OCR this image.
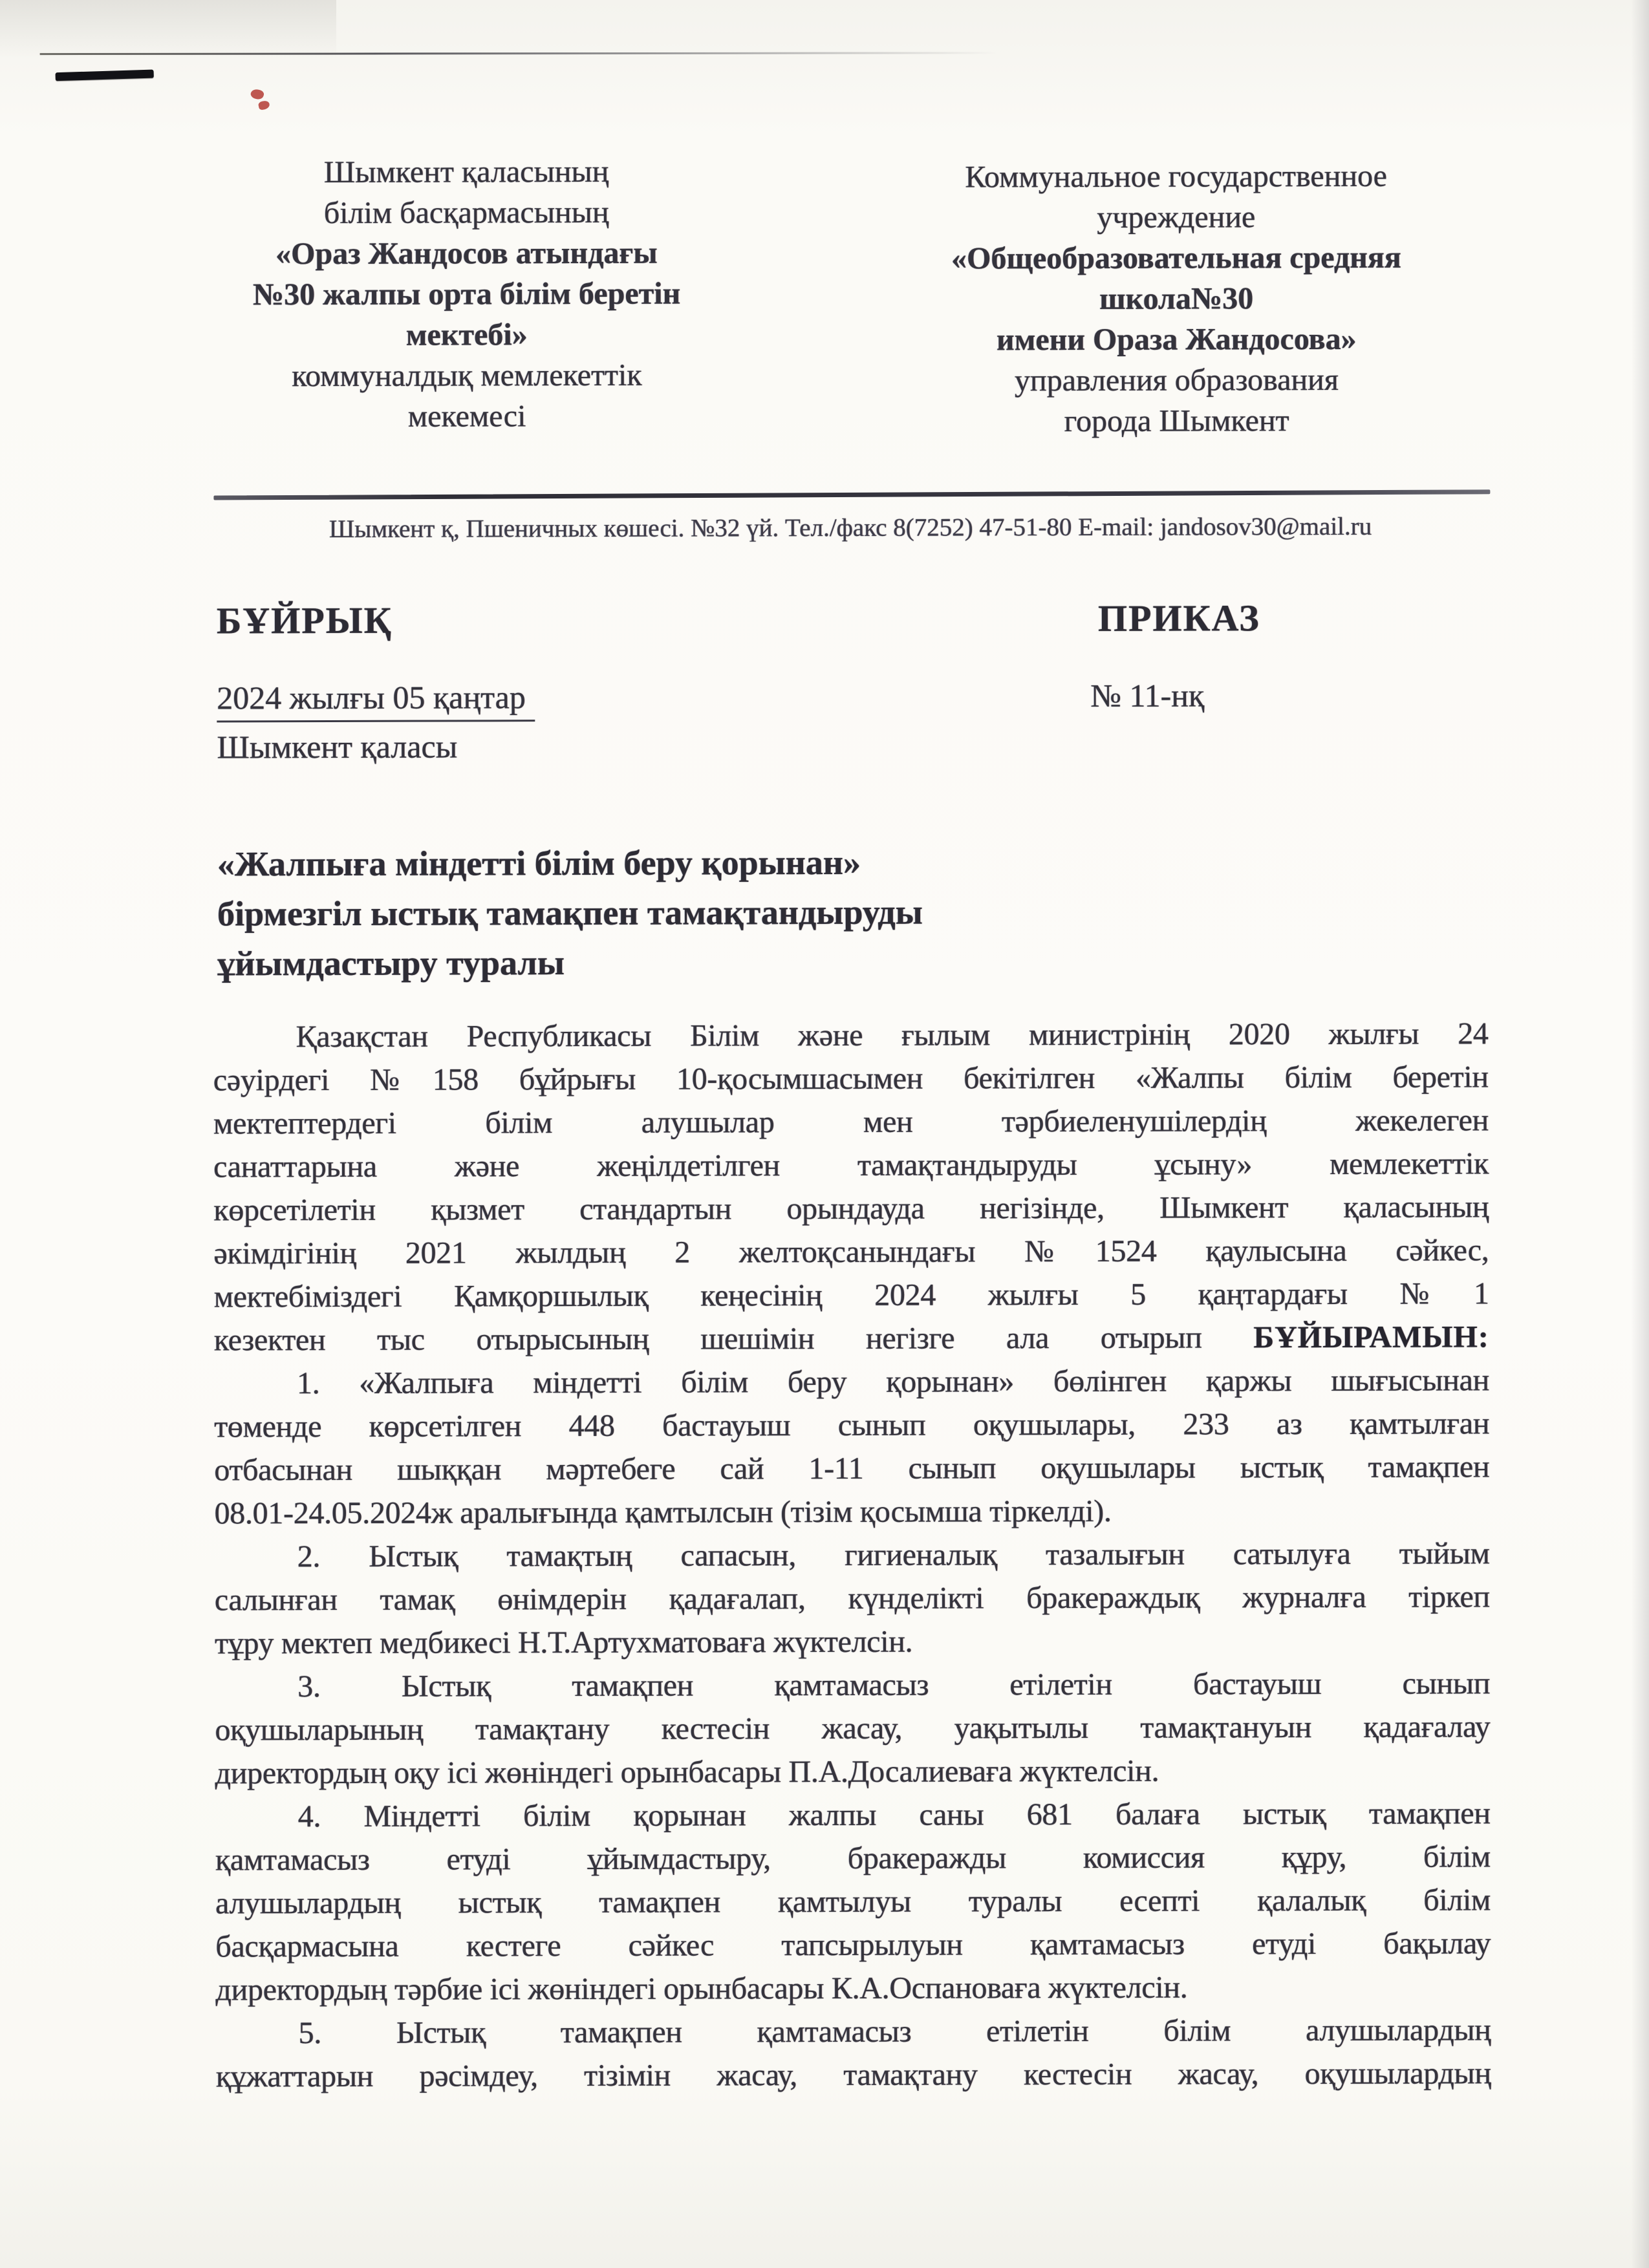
Шымкент қаласының
білім басқармасының
«Ораз Жандосов атындағы
№30 жалпы орта білім беретін
мектебі»
коммуналдық мемлекеттік
мекемесі
Коммунальное государственное
учреждение
«Общеобразовательная средняя
школа№30
имени Ораза Жандосова»
управления образования
города Шымкент
Шымкент қ, Пшеничных көшесі. №32 үй. Тел./факс 8(7252) 47-51-80 E-mail: jandosov30@mail.ru
БҰЙРЫҚ	ПРИКАЗ
2024 жылғы 05 қаңтар	№ 11-нқ
Шымкент қаласы
«Жалпыға міндетті білім беру қорынан»
бірмезгіл ыстық тамақпен тамақтандыруды
ұйымдастыру туралы
Қазақстан Республикасы Білім және ғылым министрінің 2020 жылғы 24
сәуірдегі №158 бұйрығы 10-қосымшасымен бекітілген «Жалпы білім беретін
мектептердегі білім алушылар мен тәрбиеленушілердің жекелеген
санаттарына және жеңілдетілген тамақтандыруды ұсыну» мемлекеттік
көрсетілетін қызмет стандартын орындауда негізінде, Шымкент қаласының
әкімдігінің 2021 жылдың 2 желтоқсанындағы №1524 қаулысына сәйкес,
мектебіміздегі Қамқоршылық кеңесінің 2024 жылғы 5 қаңтардағы №1
кезектен тыс отырысының шешімін негізге ала отырып БҰЙЫРАМЫН:
1. «Жалпыға міндетті білім беру қорынан» бөлінген қаржы шығысынан
төменде көрсетілген 448 бастауыш сынып оқушылары, 233 аз қамтылған
отбасынан шыққан мәртебеге сай 1-11 сынып оқушылары ыстық тамақпен
08.01-24.05.2024ж аралығында қамтылсын (тізім қосымша тіркелді).
2. Ыстық тамақтың сапасын, гигиеналық тазалығын сатылуға тыйым
салынған тамақ өнімдерін қадағалап, күнделікті бракераждық журналға тіркеп
тұру мектеп медбикесі Н.Т.Артухматоваға жүктелсін.
3. Ыстық тамақпен қамтамасыз етілетін бастауыш сынып
оқушыларының тамақтану кестесін жасау, уақытылы тамақтануын қадағалау
директордың оқу ісі жөніндегі орынбасары П.А.Досалиеваға жүктелсін.
4. Міндетті білім қорынан жалпы саны 681 балаға ыстық тамақпен
қамтамасыз етуді ұйымдастыру, бракеражды комиссия құру, білім
алушылардың ыстық тамақпен қамтылуы туралы есепті қалалық білім
басқармасына кестеге сәйкес тапсырылуын қамтамасыз етуді бақылау
директордың тәрбие ісі жөніндегі орынбасары К.А.Оспановаға жүктелсін.
5. Ыстық тамақпен қамтамасыз етілетін білім алушылардың
құжаттарын рәсімдеу, тізімін жасау, тамақтану кестесін жасау, оқушылардың
